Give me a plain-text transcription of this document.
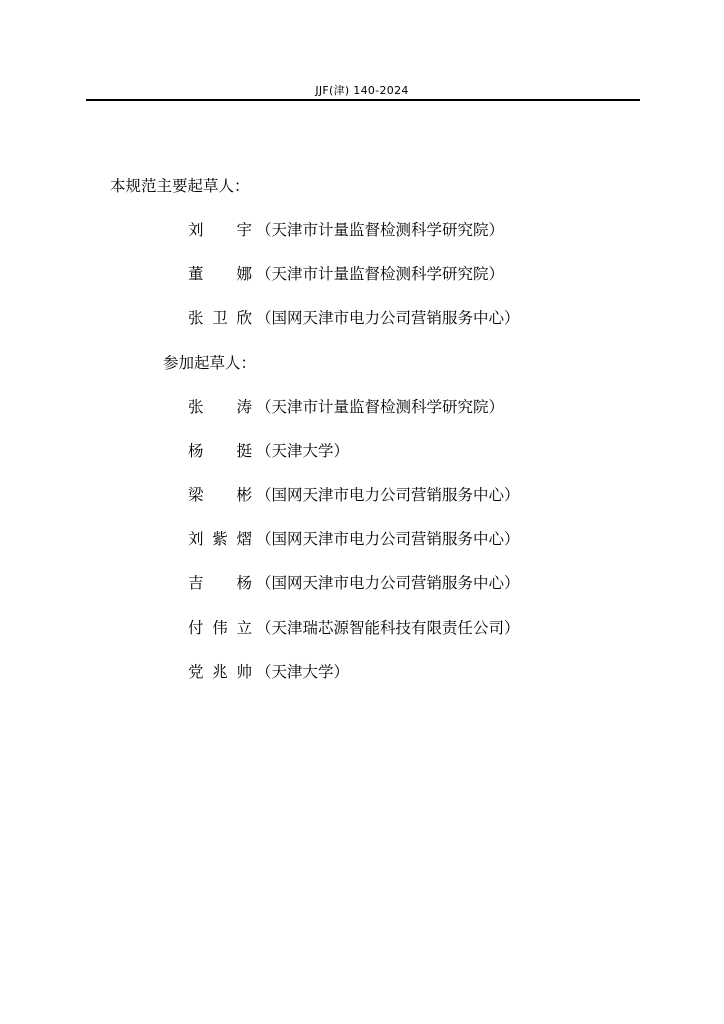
JJF(津) 140-2024
本规范主要起草人：
刘 宇 （天津市计量监督检测科学研究院）
董 娜 （天津市计量监督检测科学研究院）
张卫欣 （国网天津市电力公司营销服务中心）
参加起草人：
张 涛 （天津市计量监督检测科学研究院）
杨 挺 （天津大学）
梁 彬 （国网天津市电力公司营销服务中心）
刘紫熠 （国网天津市电力公司营销服务中心）
吉 杨 （国网天津市电力公司营销服务中心）
付伟立 （天津瑞芯源智能科技有限责任公司）
党兆帅 （天津大学）
